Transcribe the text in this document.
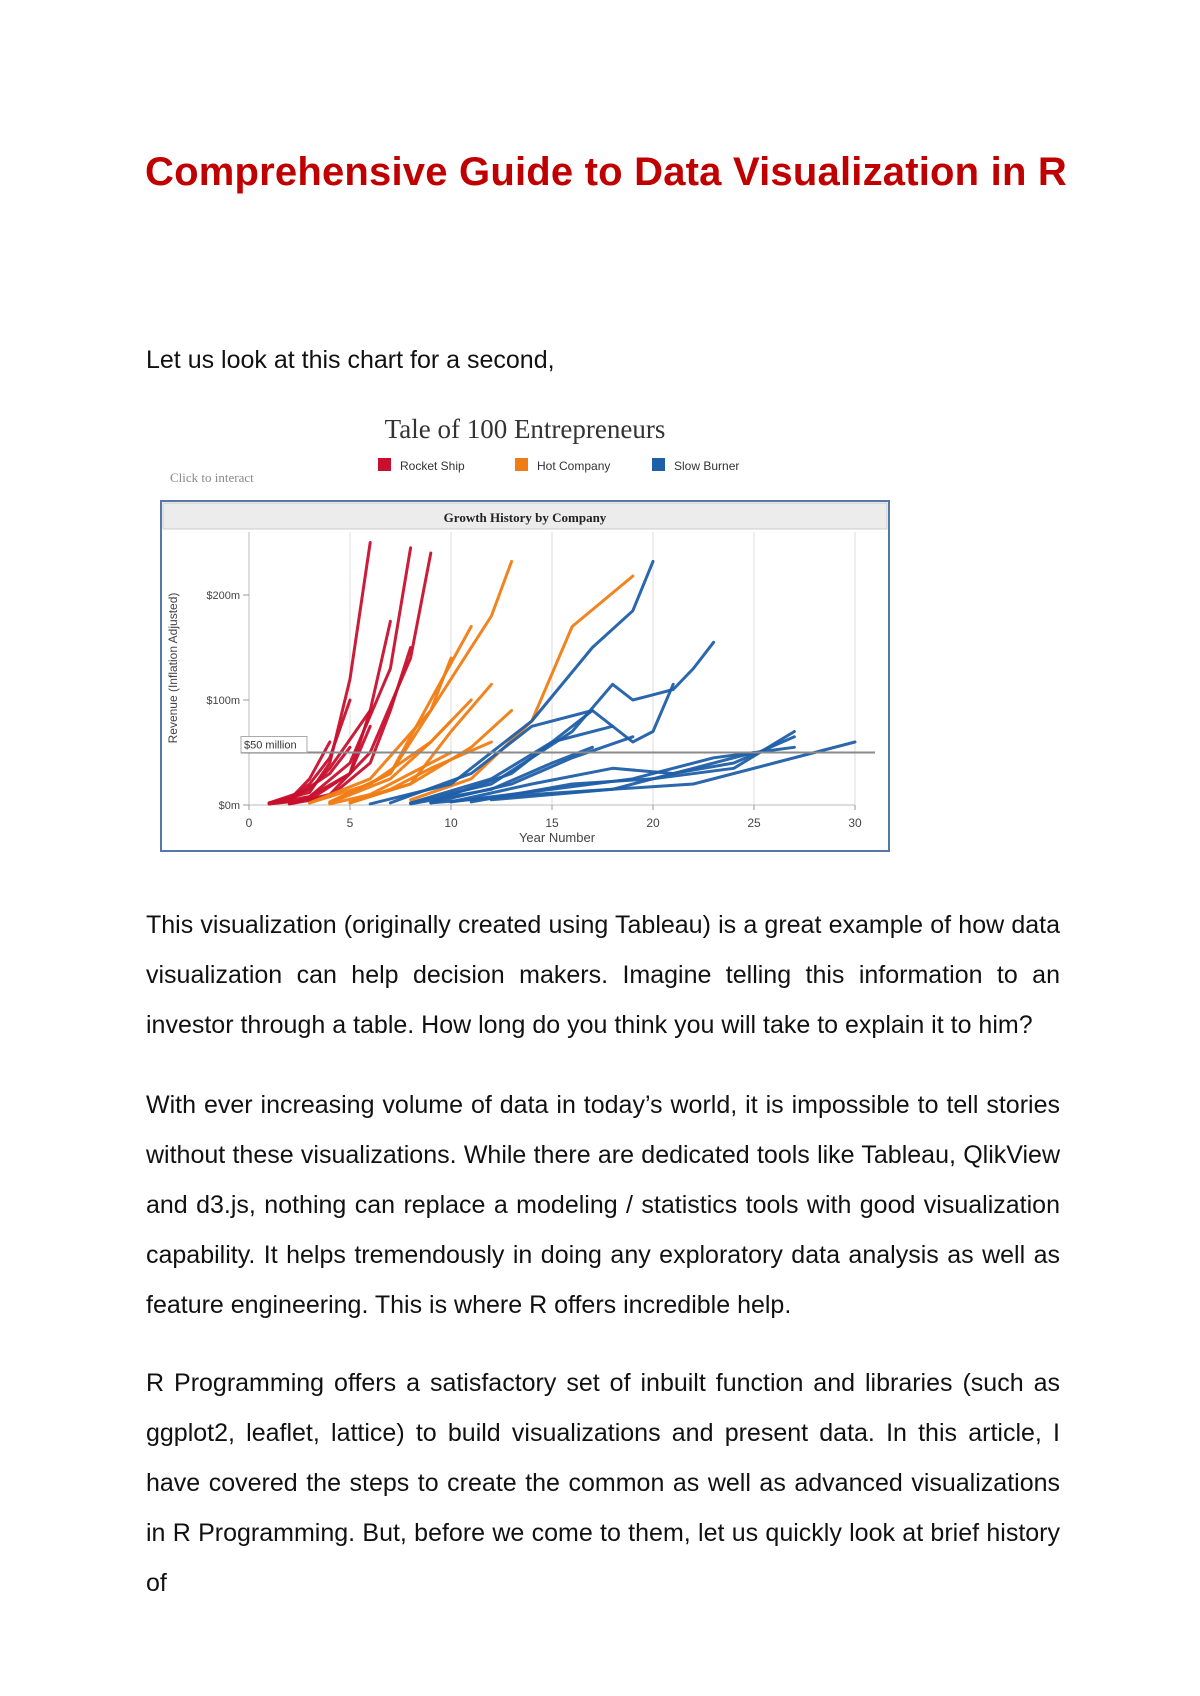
Comprehensive Guide to Data Visualization in R

Let us look at this chart for a second,

Tale of 100 Entrepreneurs
Click to interact
Rocket Ship	Hot Company	Slow Burner
Growth History by Company
0	5	10	15	20	25	30
$0m
$100m
$200m
$50 million
Year Number
Revenue (Inflation Adjusted)

This visualization (originally created using Tableau) is a great example of how data visualization can help decision makers. Imagine telling this information to an investor through a table. How long do you think you will take to explain it to him?

With ever increasing volume of data in today’s world, it is impossible to tell stories without these visualizations. While there are dedicated tools like Tableau, QlikView and d3.js, nothing can replace a modeling / statistics tools with good visualization capability. It helps tremendously in doing any exploratory data analysis as well as feature engineering. This is where R offers incredible help.

R Programming offers a satisfactory set of inbuilt function and libraries (such as ggplot2, leaflet, lattice) to build visualizations and present data. In this article, I have covered the steps to create the common as well as advanced visualizations in R Programming. But, before we come to them, let us quickly look at brief history of
